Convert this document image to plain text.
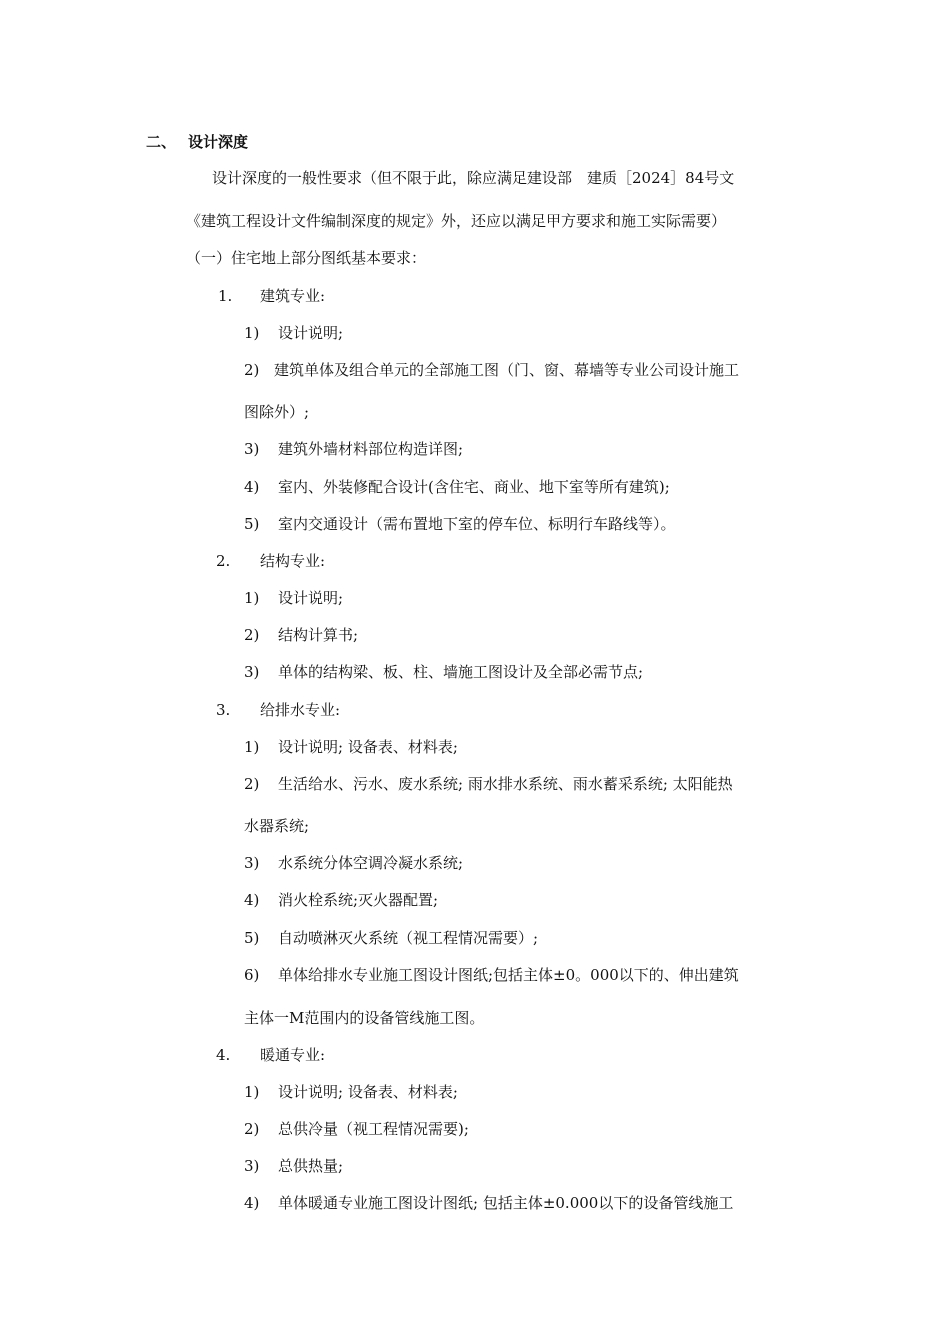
二、 设计深度
设计深度的一般性要求（但不限于此，除应满足建设部　建质［2024］84号文
《建筑工程设计文件编制深度的规定》外，还应以满足甲方要求和施工实际需要）
（一）住宅地上部分图纸基本要求：
1. 建筑专业:
1) 设计说明;
2) 建筑单体及组合单元的全部施工图（门、窗、幕墙等专业公司设计施工
图除外）;
3) 建筑外墙材料部位构造详图;
4) 室内、外装修配合设计(含住宅、商业、地下室等所有建筑);
5) 室内交通设计（需布置地下室的停车位、标明行车路线等）。
2. 结构专业:
1) 设计说明;
2) 结构计算书;
3) 单体的结构梁、板、柱、墙施工图设计及全部必需节点;
3. 给排水专业:
1) 设计说明; 设备表、材料表;
2) 生活给水、污水、废水系统; 雨水排水系统、雨水蓄采系统; 太阳能热
水器系统;
3) 水系统分体空调冷凝水系统;
4) 消火栓系统;灭火器配置;
5) 自动喷淋灭火系统（视工程情况需要）;
6) 单体给排水专业施工图设计图纸;包括主体±0。000以下的、伸出建筑
主体一M范围内的设备管线施工图。
4. 暖通专业:
1) 设计说明; 设备表、材料表;
2) 总供冷量（视工程情况需要);
3) 总供热量;
4) 单体暖通专业施工图设计图纸; 包括主体±0.000以下的设备管线施工
